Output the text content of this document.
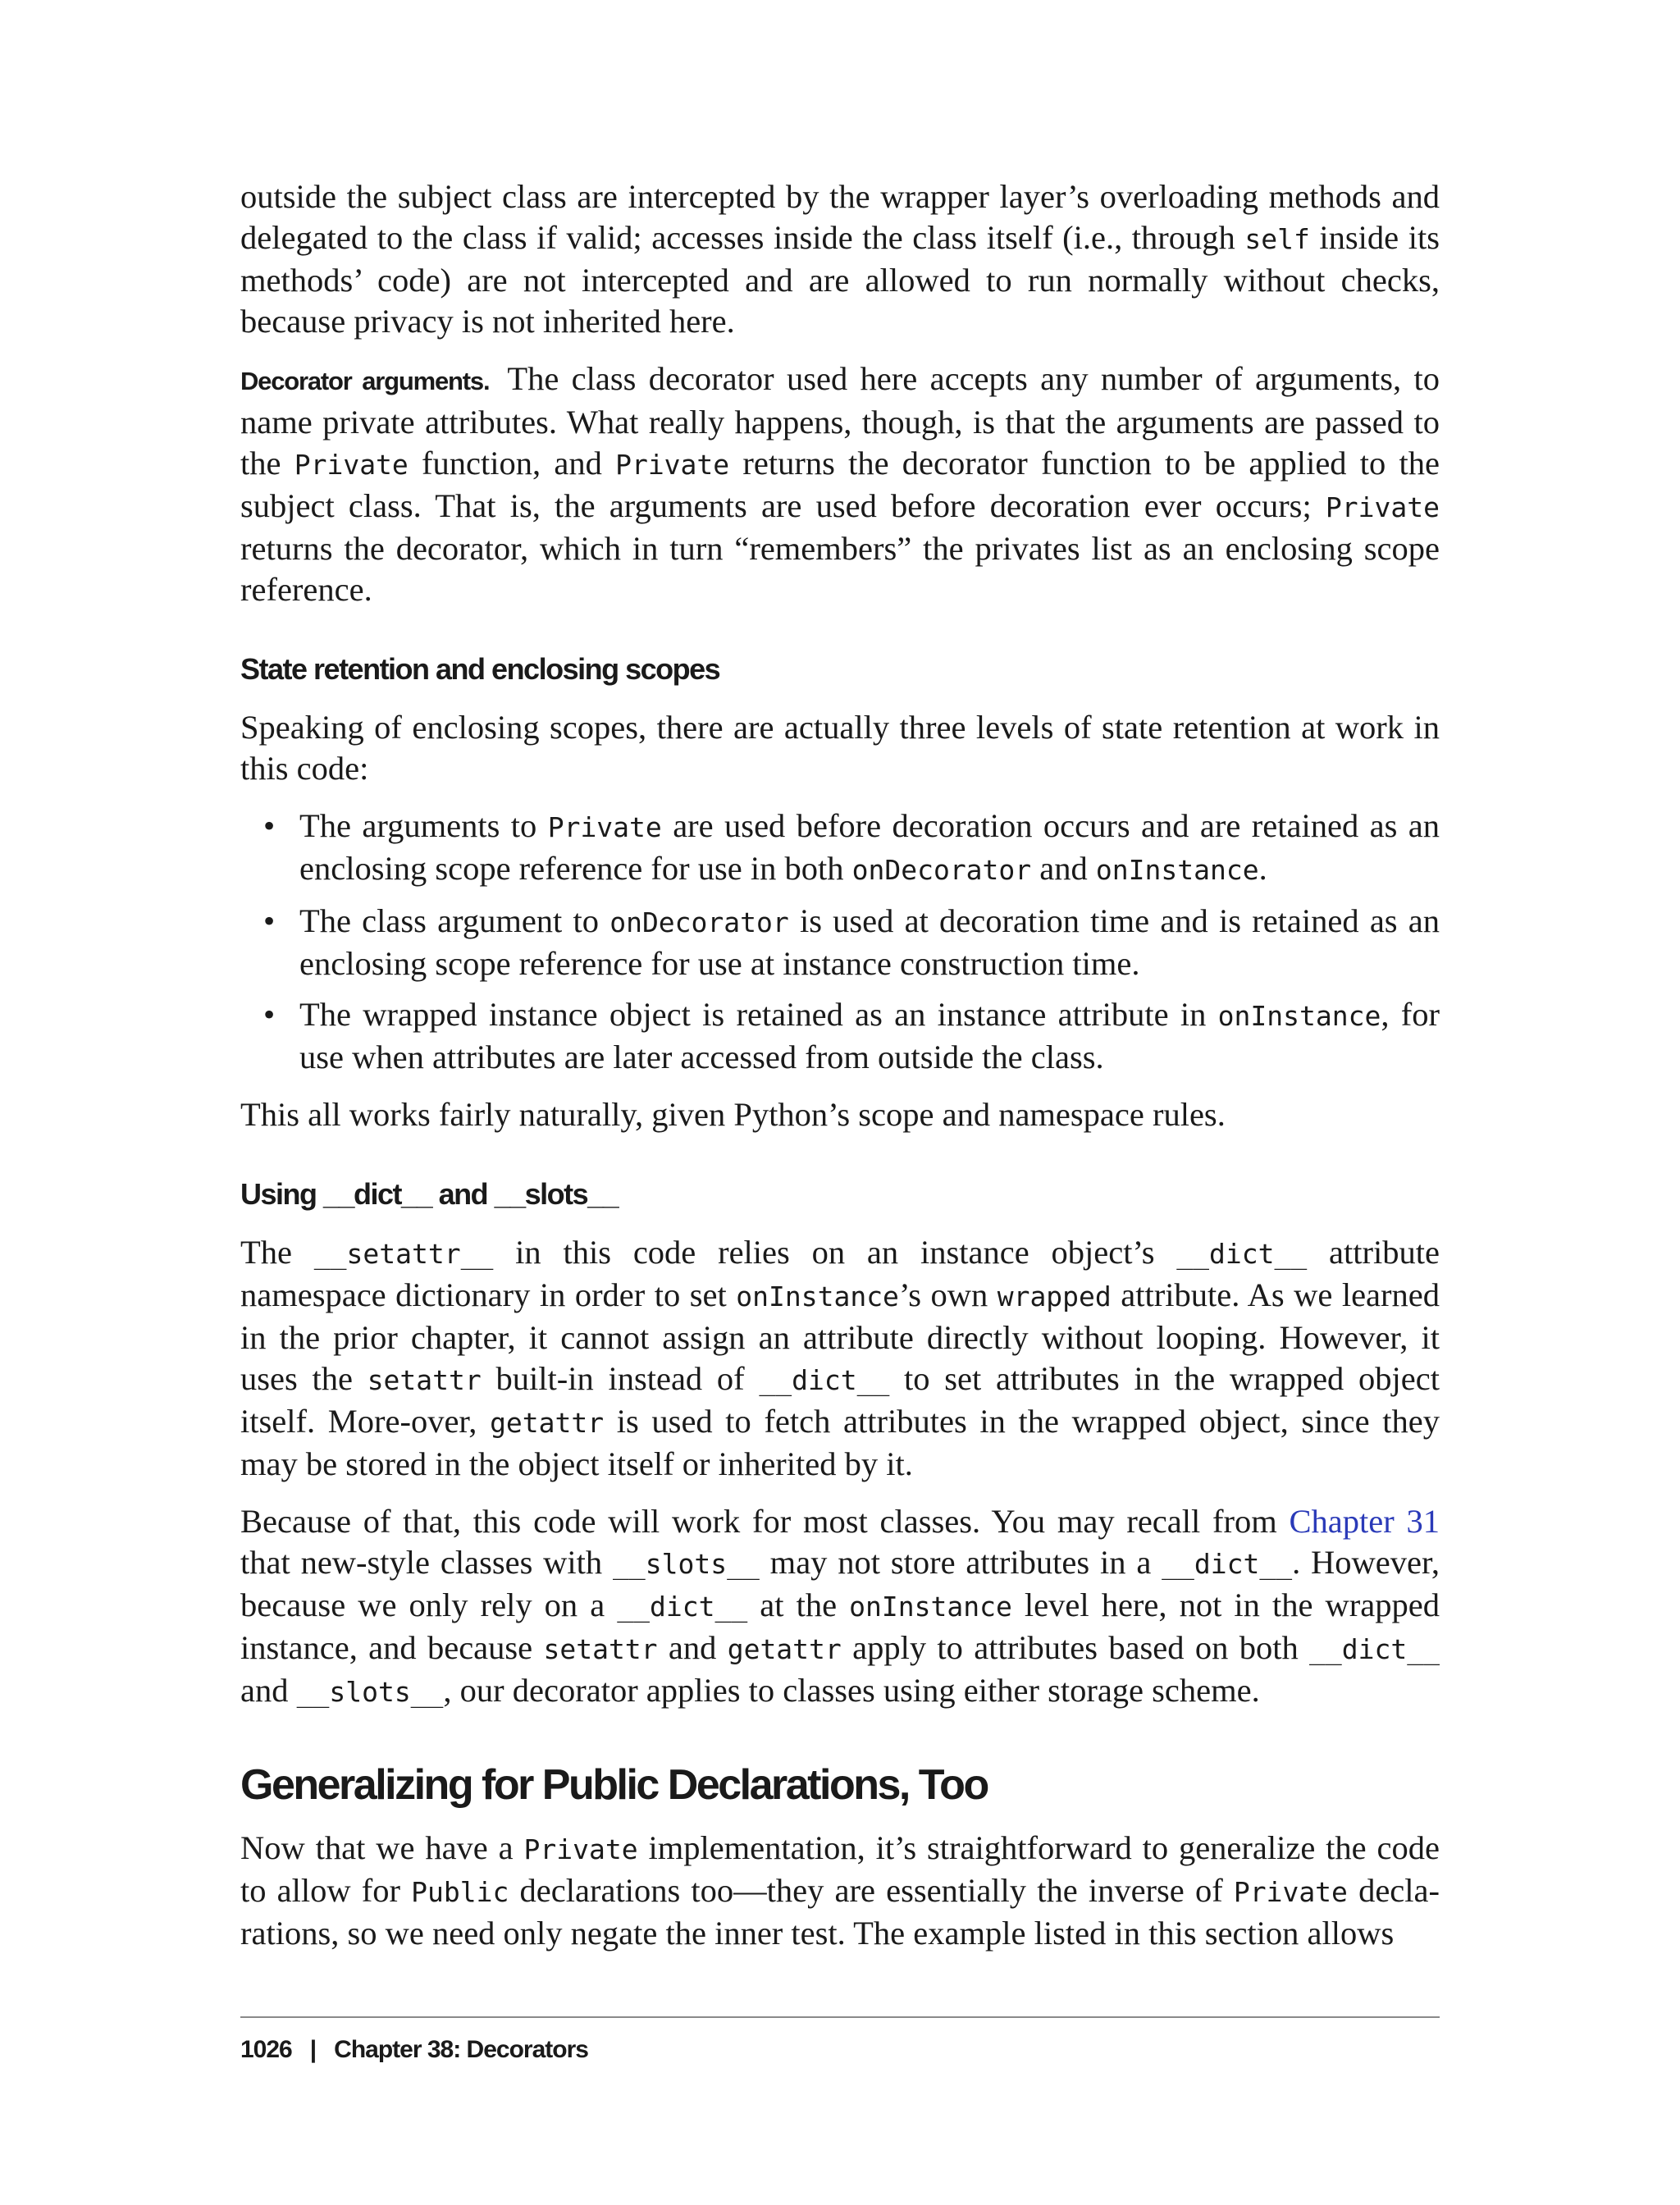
outside the subject class are intercepted by the wrapper layer’s overloading methods and delegated to the class if valid; accesses inside the class itself (i.e., through self inside its methods’ code) are not intercepted and are allowed to run normally without checks, because privacy is not inherited here.

Decorator arguments. The class decorator used here accepts any number of arguments, to name private attributes. What really happens, though, is that the arguments are passed to the Private function, and Private returns the decorator function to be applied to the subject class. That is, the arguments are used before decoration ever occurs; Private returns the decorator, which in turn “remembers” the privates list as an enclosing scope reference.

State retention and enclosing scopes

Speaking of enclosing scopes, there are actually three levels of state retention at work in this code:

• The arguments to Private are used before decoration occurs and are retained as an enclosing scope reference for use in both onDecorator and onInstance.
• The class argument to onDecorator is used at decoration time and is retained as an enclosing scope reference for use at instance construction time.
• The wrapped instance object is retained as an instance attribute in onInstance, for use when attributes are later accessed from outside the class.

This all works fairly naturally, given Python’s scope and namespace rules.

Using __dict__ and __slots__

The __setattr__ in this code relies on an instance object’s __dict__ attribute namespace dictionary in order to set onInstance’s own wrapped attribute. As we learned in the prior chapter, it cannot assign an attribute directly without looping. However, it uses the setattr built-in instead of __dict__ to set attributes in the wrapped object itself. More-over, getattr is used to fetch attributes in the wrapped object, since they may be stored in the object itself or inherited by it.

Because of that, this code will work for most classes. You may recall from Chapter 31 that new-style classes with __slots__ may not store attributes in a __dict__. However, because we only rely on a __dict__ at the onInstance level here, not in the wrapped instance, and because setattr and getattr apply to attributes based on both __dict__ and __slots__, our decorator applies to classes using either storage scheme.

Generalizing for Public Declarations, Too

Now that we have a Private implementation, it’s straightforward to generalize the code to allow for Public declarations too—they are essentially the inverse of Private decla-rations, so we need only negate the inner test. The example listed in this section allows

1026 | Chapter 38: Decorators
